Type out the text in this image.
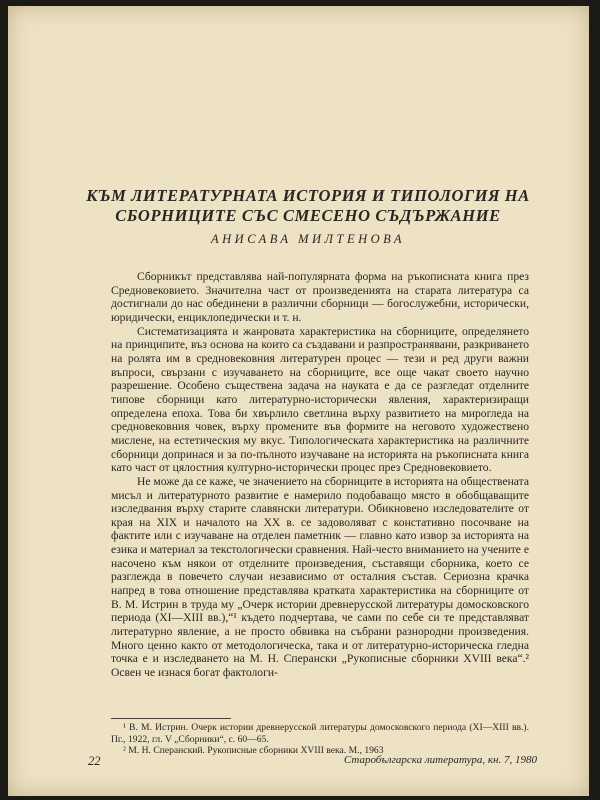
КЪМ ЛИТЕРАТУРНАТА ИСТОРИЯ И ТИПОЛОГИЯ НА СБОРНИЦИТЕ СЪС СМЕСЕНО СЪДЪРЖАНИЕ
АНИСАВА МИЛТЕНОВА

Сборникът представлява най-популярната форма на ръкописната книга през Средновековието. Значителна част от произведенията на старата литература са достигнали до нас обединени в различни сборници — богослужебни, исторически, юридически, енциклопедически и т. н.

Систематизацията и жанровата характеристика на сборниците, определянето на принципите, въз основа на които са създавани и разпространявани, разкриването на ролята им в средновековния литературен процес — тези и ред други важни въпроси, свързани с изучаването на сборниците, все още чакат своето научно разрешение. Особено съществена задача на науката е да се разгледат отделните типове сборници като литературно-исторически явления, характеризиращи определена епоха. Това би хвърлило светлина върху развитието на мирогледа на средновековния човек, върху промените във формите на неговото художествено мислене, на естетическия му вкус. Типологическата характеристика на различните сборници допринася и за по-пълното изучаване на историята на ръкописната книга като част от цялостния културно-исторически процес през Средновековието.

Не може да се каже, че значението на сборниците в историята на обществената мисъл и литературното развитие е намерило подобаващо място в обобщаващите изследвания върху старите славянски литератури. Обикновено изследователите от края на XIX и началото на XX в. се задоволяват с констативно посочване на фактите или с изучаване на отделен паметник — главно като извор за историята на езика и материал за текстологически сравнения. Най-често вниманието на учените е насочено към някои от отделните произведения, съставящи сборника, което се разглежда в повечето случаи независимо от осталния състав. Сериозна крачка напред в това отношение представлява кратката характеристика на сборниците от В. М. Истрин в труда му „Очерк истории древнерусской литературы домосковского периода (XI—XIII вв.),“¹ където подчертава, че сами по себе си те представляват литературно явление, а не просто обвивка на събрани разнородни произведения. Много ценно както от методологическа, така и от литературно-историческа гледна точка е и изследването на М. Н. Сперански „Рукописные сборники XVIII века“.² Освен че изнася богат фактологи-

¹ В. М. Истрин. Очерк истории древнерусской литературы домосковского периода (XI—XIII вв.). Пг., 1922, гл. V „Сборники“, с. 60—65.

² М. Н. Сперанский. Рукописные сборники XVIII века. М., 1963

22	Старобългарска литература, кн. 7, 1980
